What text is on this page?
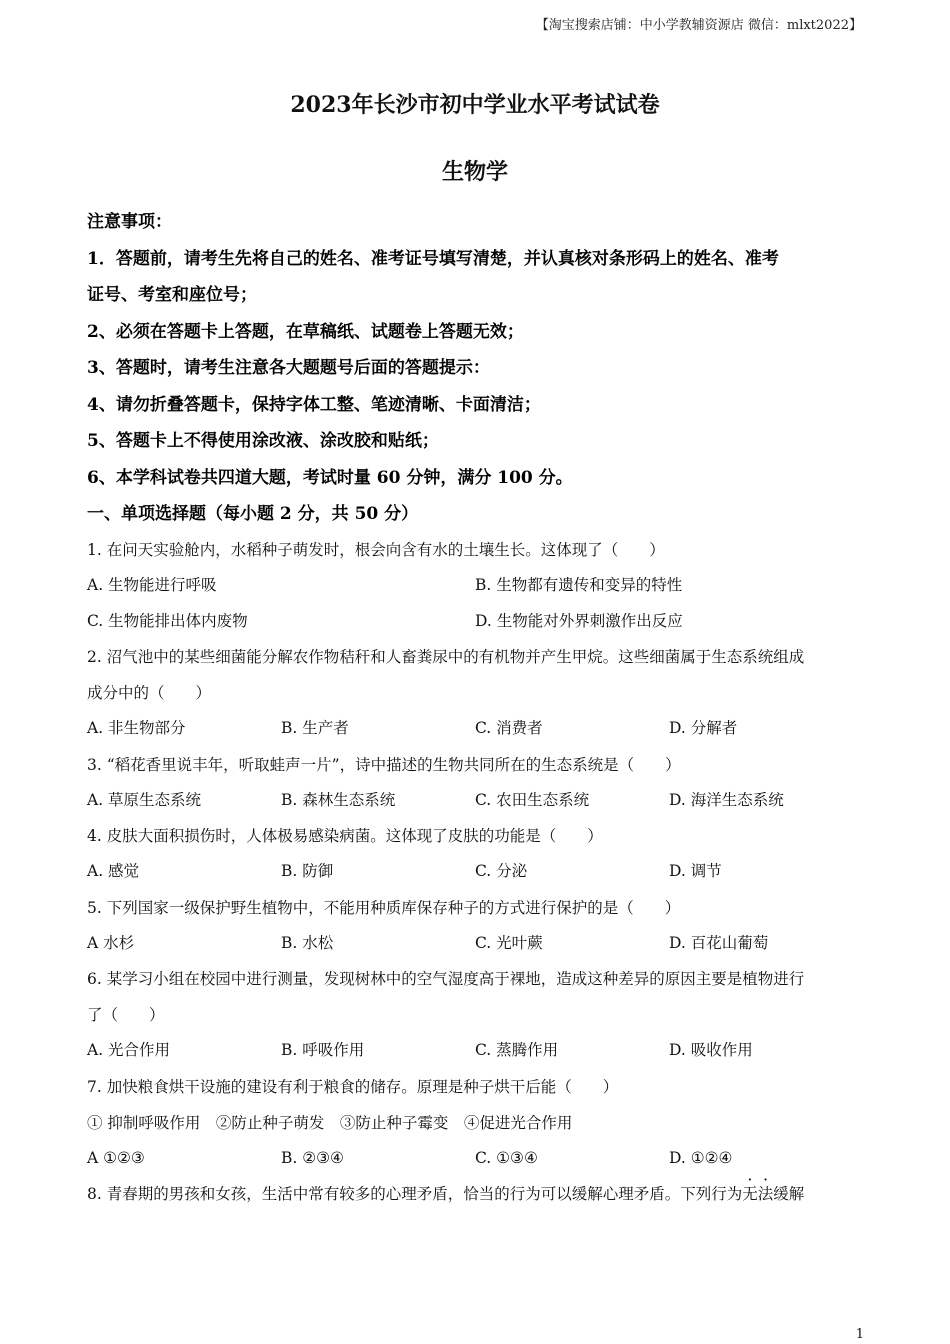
【淘宝搜索店铺：中小学教辅资源店 微信：mlxt2022】
2023年长沙市初中学业水平考试试卷
生物学
注意事项：
1．答题前，请考生先将自己的姓名、准考证号填写清楚，并认真核对条形码上的姓名、准考
证号、考室和座位号；
2、必须在答题卡上答题，在草稿纸、试题卷上答题无效；
3、答题时，请考生注意各大题题号后面的答题提示：
4、请勿折叠答题卡，保持字体工整、笔迹清晰、卡面清洁；
5、答题卡上不得使用涂改液、涂改胶和贴纸；
6、本学科试卷共四道大题，考试时量 60 分钟，满分 100 分。
一、单项选择题（每小题 2 分，共 50 分）
1. 在问天实验舱内，水稻种子萌发时，根会向含有水的土壤生长。这体现了（　　）
A. 生物能进行呼吸	B. 生物都有遗传和变异的特性
C. 生物能排出体内废物	D. 生物能对外界刺激作出反应
2. 沼气池中的某些细菌能分解农作物秸秆和人畜粪尿中的有机物并产生甲烷。这些细菌属于生态系统组成
成分中的（　　）
A. 非生物部分	B. 生产者	C. 消费者	D. 分解者
3. “稻花香里说丰年，听取蛙声一片”，诗中描述的生物共同所在的生态系统是（　　）
A. 草原生态系统	B. 森林生态系统	C. 农田生态系统	D. 海洋生态系统
4. 皮肤大面积损伤时，人体极易感染病菌。这体现了皮肤的功能是（　　）
A. 感觉	B. 防御	C. 分泌	D. 调节
5. 下列国家一级保护野生植物中，不能用种质库保存种子的方式进行保护的是（　　）
A 水杉	B. 水松	C. 光叶蕨	D. 百花山葡萄
6. 某学习小组在校园中进行测量，发现树林中的空气湿度高于裸地，造成这种差异的原因主要是植物进行
了（　　）
A. 光合作用	B. 呼吸作用	C. 蒸腾作用	D. 吸收作用
7. 加快粮食烘干设施的建设有利于粮食的储存。原理是种子烘干后能（　　）
① 抑制呼吸作用　②防止种子萌发　③防止种子霉变　④促进光合作用
A ①②③	B. ②③④	C. ①③④	D. ①②④
8. 青春期的男孩和女孩，生活中常有较多的心理矛盾，恰当的行为可以缓解心理矛盾。下列行为无法缓解
1
